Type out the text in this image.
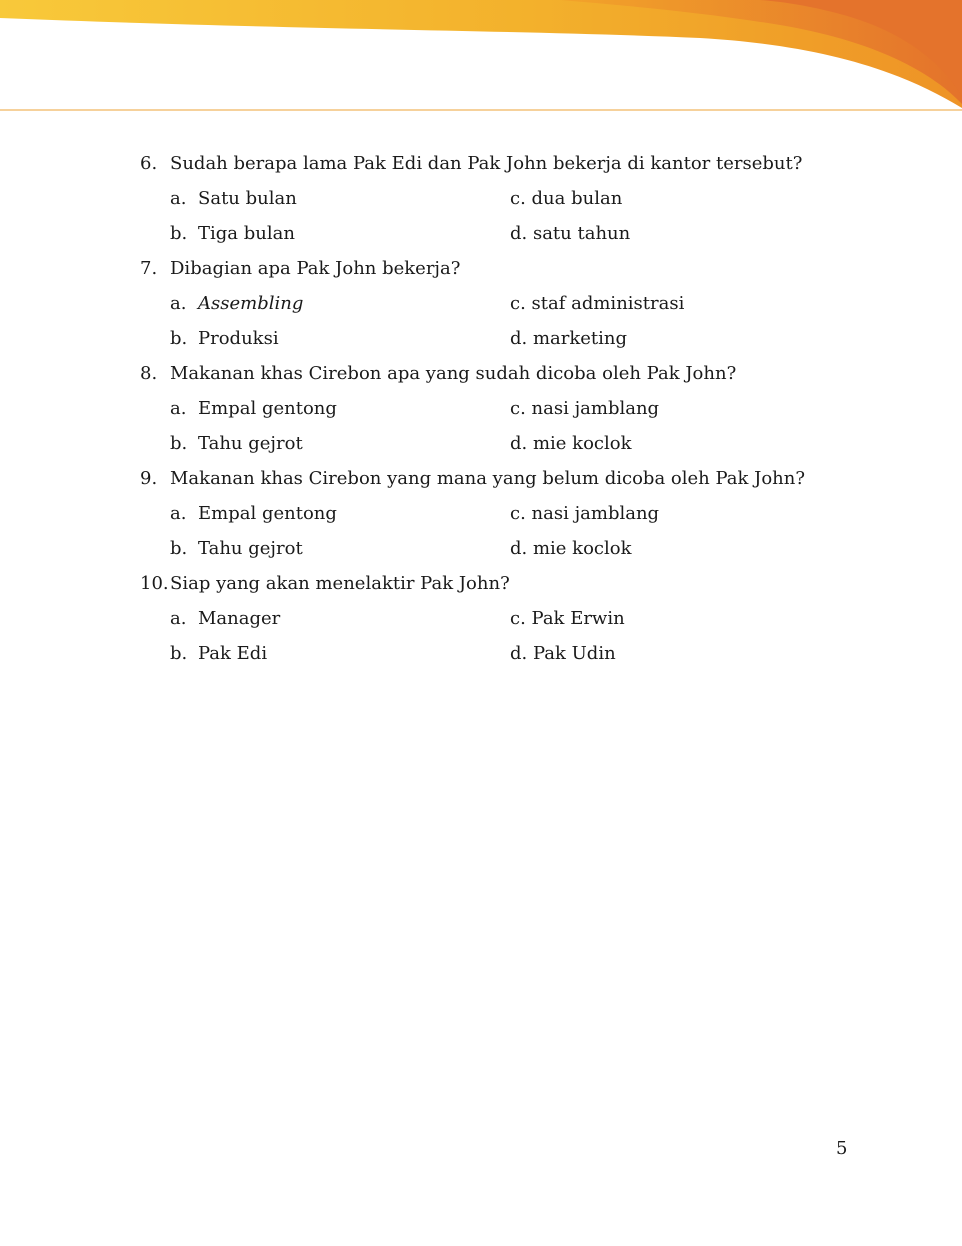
6. Sudah berapa lama Pak Edi dan Pak John bekerja di kantor tersebut?
a. Satu bulan	c. dua bulan
b. Tiga bulan	d. satu tahun
7. Dibagian apa Pak John bekerja?
a. Assembling	c. staf administrasi
b. Produksi	d. marketing
8. Makanan khas Cirebon apa yang sudah dicoba oleh Pak John?
a. Empal gentong	c. nasi jamblang
b. Tahu gejrot	d. mie koclok
9. Makanan khas Cirebon yang mana yang belum dicoba oleh Pak John?
a. Empal gentong	c. nasi jamblang
b. Tahu gejrot	d. mie koclok
10. Siap yang akan menelaktir Pak John?
a. Manager	c. Pak Erwin
b. Pak Edi	d. Pak Udin
5
